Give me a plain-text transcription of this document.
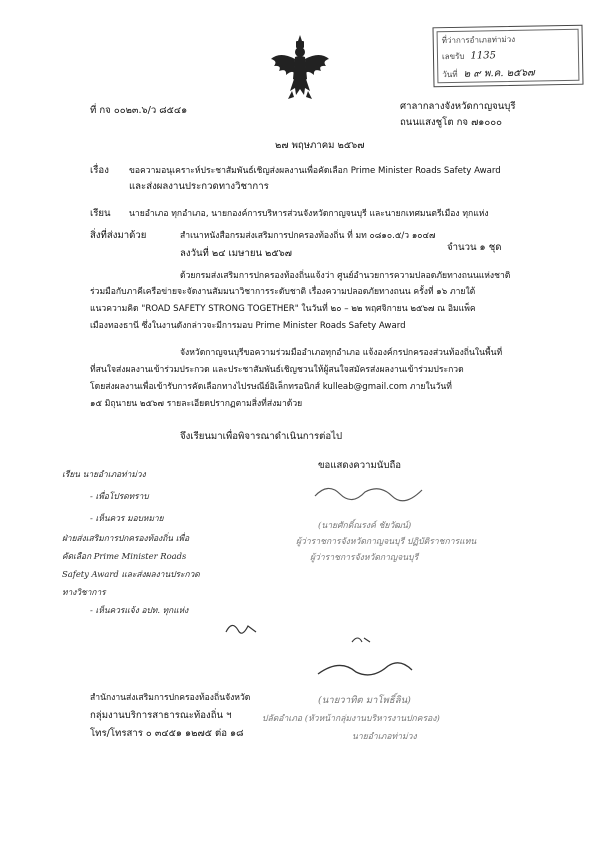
ที่ว่าการอำเภอท่าม่วง
เลขรับ 1135
วันที่ ๒ ๙ พ.ค. ๒๕๖๗
ที่ กจ ๐๐๒๓.๖/ว ๘๕๔๑	ศาลากลางจังหวัดกาญจนบุรี
ถนนแสงชูโต กจ ๗๑๐๐๐
๒๗ พฤษภาคม ๒๕๖๗
เรื่อง ขอความอนุเคราะห์ประชาสัมพันธ์เชิญส่งผลงานเพื่อคัดเลือก Prime Minister Roads Safety Award
และส่งผลงานประกวดทางวิชาการ
เรียน นายอำเภอ ทุกอำเภอ, นายกองค์การบริหารส่วนจังหวัดกาญจนบุรี และนายกเทศมนตรีเมือง ทุกแห่ง
สิ่งที่ส่งมาด้วย	สำเนาหนังสือกรมส่งเสริมการปกครองท้องถิ่น ที่ มท ๐๘๑๐.๕/ว ๑๐๔๗
ลงวันที่ ๒๔ เมษายน ๒๕๖๗
จำนวน ๑ ชุด
ด้วยกรมส่งเสริมการปกครองท้องถิ่นแจ้งว่า ศูนย์อำนวยการความปลอดภัยทางถนนแห่งชาติ
ร่วมมือกับภาคีเครือข่ายจะจัดงานสัมมนาวิชาการระดับชาติ เรื่องความปลอดภัยทางถนน ครั้งที่ ๑๖ ภายใต้
แนวความคิด "ROAD SAFETY STRONG TOGETHER" ในวันที่ ๒๐ – ๒๒ พฤศจิกายน ๒๕๖๗ ณ อิมแพ็ค
เมืองทองธานี ซึ่งในงานดังกล่าวจะมีการมอบ Prime Minister Roads Safety Award
จังหวัดกาญจนบุรีขอความร่วมมืออำเภอทุกอำเภอ แจ้งองค์กรปกครองส่วนท้องถิ่นในพื้นที่
ที่สนใจส่งผลงานเข้าร่วมประกวด และประชาสัมพันธ์เชิญชวนให้ผู้สนใจสมัครส่งผลงานเข้าร่วมประกวด
โดยส่งผลงานเพื่อเข้ารับการคัดเลือกทางไปรษณีย์อิเล็กทรอนิกส์ kulleab@gmail.com ภายในวันที่
๑๕ มิถุนายน ๒๕๖๗ รายละเอียดปรากฏตามสิ่งที่ส่งมาด้วย
จึงเรียนมาเพื่อพิจารณาดำเนินการต่อไป
ขอแสดงความนับถือ
(นายศักดิ์ณรงค์ ชัยวัฒน์)
ผู้ว่าราชการจังหวัดกาญจนบุรี ปฏิบัติราชการแทน
ผู้ว่าราชการจังหวัดกาญจนบุรี
เรียน นายอำเภอท่าม่วง
- เพื่อโปรดทราบ
- เห็นควร มอบหมาย
ฝ่ายส่งเสริมการปกครองท้องถิ่น เพื่อ
คัดเลือก Prime Minister Roads
Safety Award และส่งผลงานประกวด
ทางวิชาการ
- เห็นควรแจ้ง อปท. ทุกแห่ง
สำนักงานส่งเสริมการปกครองท้องถิ่นจังหวัด
กลุ่มงานบริการสาธารณะท้องถิ่น ฯ
โทร/โทรสาร ๐ ๓๔๕๑ ๑๒๗๕ ต่อ ๑๘
(นายวาทิต มาโพธิ์ลิน)
ปลัดอำเภอ (หัวหน้ากลุ่มงานบริหารงานปกครอง)
นายอำเภอท่าม่วง
